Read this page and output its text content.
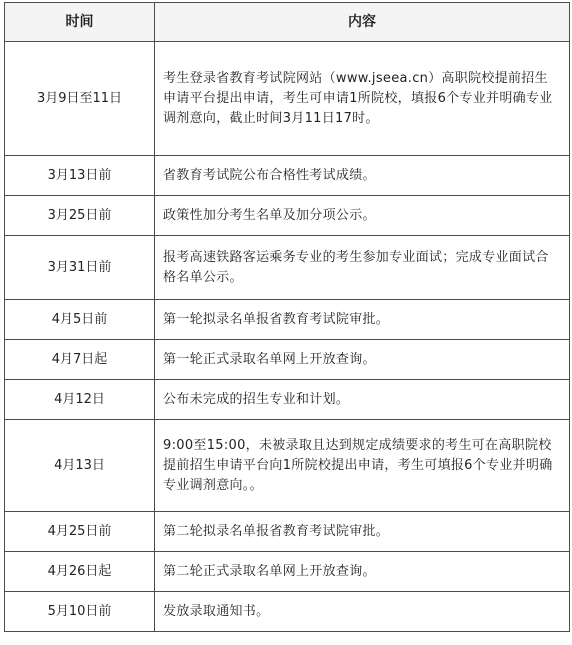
时间	内容
3月9日至11日	考生登录省教育考试院网站（www.jseea.cn）高职院校提前招生申请平台提出申请，考生可申请1所院校，填报6个专业并明确专业调剂意向，截止时间3月11日17时。
3月13日前	省教育考试院公布合格性考试成绩。
3月25日前	政策性加分考生名单及加分项公示。
3月31日前	报考高速铁路客运乘务专业的考生参加专业面试；完成专业面试合格名单公示。
4月5日前	第一轮拟录名单报省教育考试院审批。
4月7日起	第一轮正式录取名单网上开放查询。
4月12日	公布未完成的招生专业和计划。
4月13日	9:00至15:00，未被录取且达到规定成绩要求的考生可在高职院校提前招生申请平台向1所院校提出申请，考生可填报6个专业并明确专业调剂意向。。
4月25日前	第二轮拟录名单报省教育考试院审批。
4月26日起	第二轮正式录取名单网上开放查询。
5月10日前	发放录取通知书。
